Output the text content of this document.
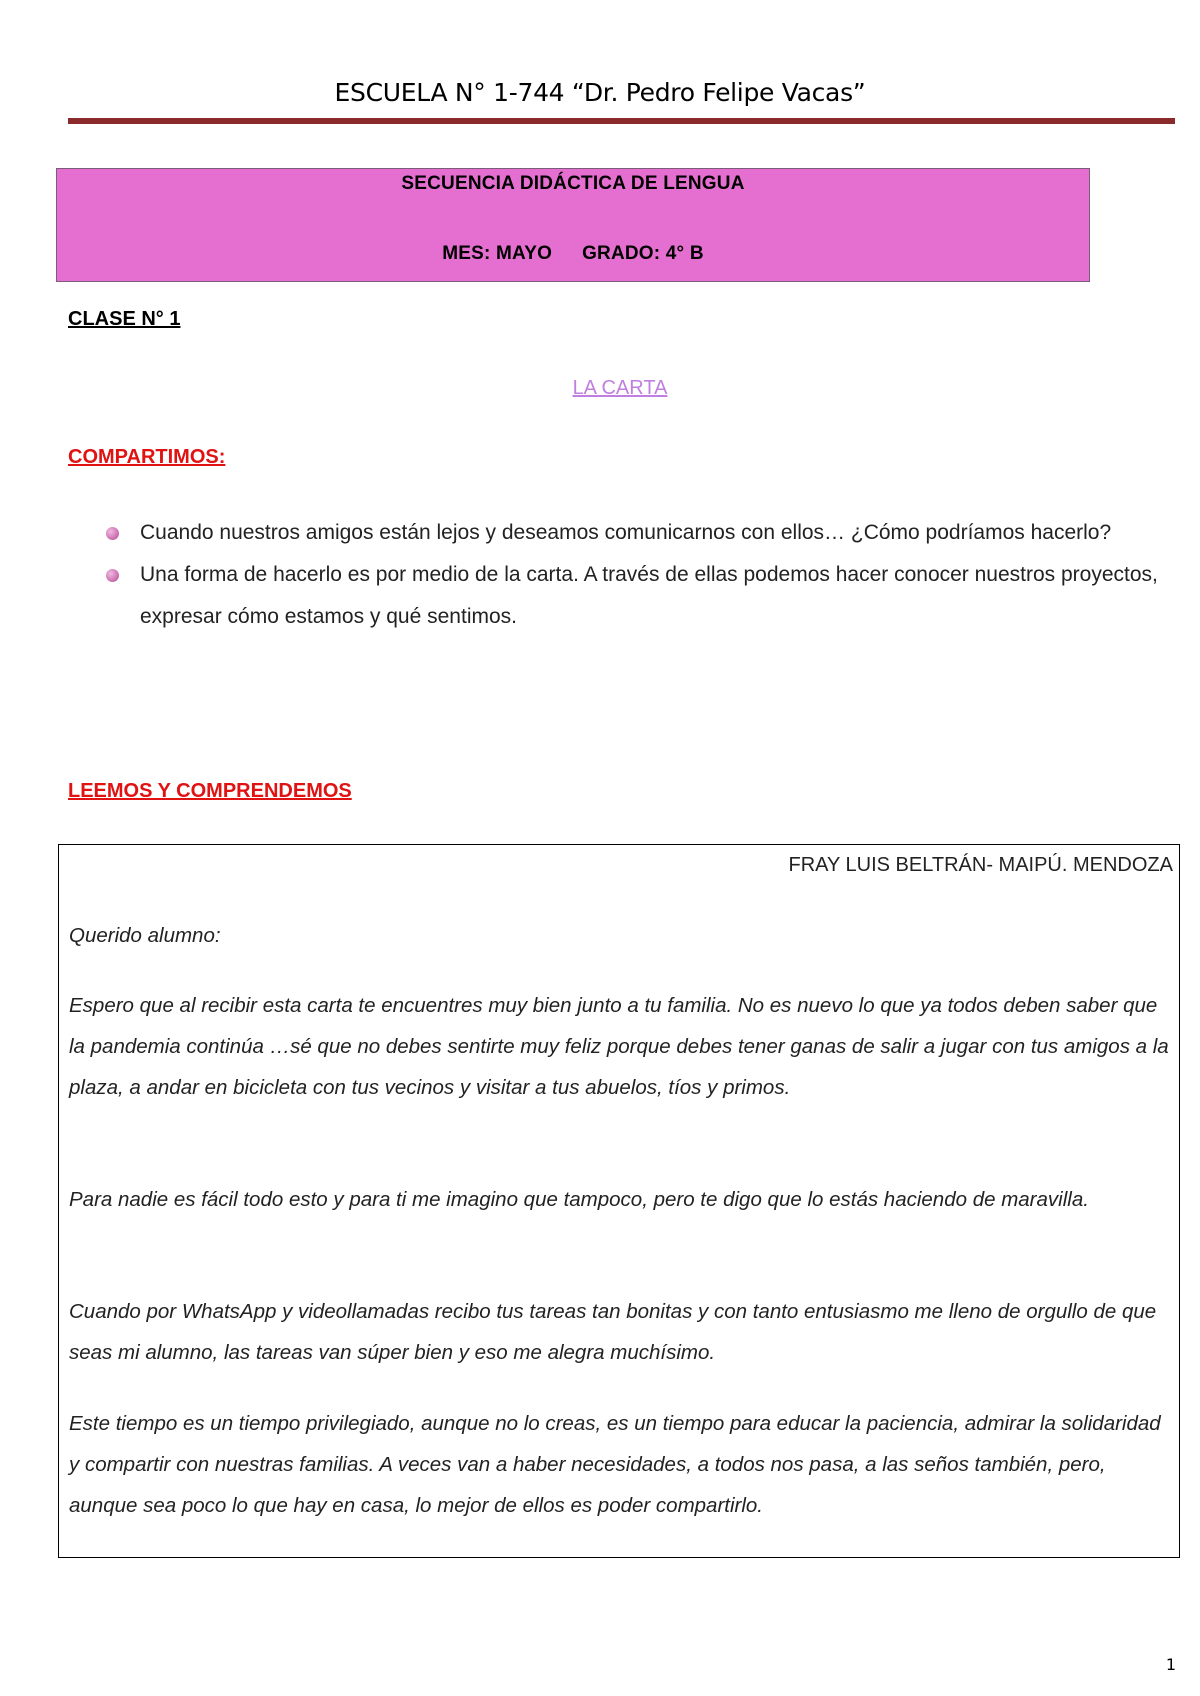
ESCUELA N° 1-744 “Dr. Pedro Felipe Vacas”
SECUENCIA DIDÁCTICA DE LENGUA
MES: MAYO GRADO: 4° B
CLASE N° 1
LA CARTA
COMPARTIMOS:
Cuando nuestros amigos están lejos y deseamos comunicarnos con ellos… ¿Cómo podríamos hacerlo?
Una forma de hacerlo es por medio de la carta. A través de ellas podemos hacer conocer nuestros proyectos, expresar cómo estamos y qué sentimos.
LEEMOS Y COMPRENDEMOS
FRAY LUIS BELTRÁN- MAIPÚ. MENDOZA

Querido alumno:

Espero que al recibir esta carta te encuentres muy bien junto a tu familia. No es nuevo lo que ya todos deben saber que la pandemia continúa …sé que no debes sentirte muy feliz porque debes tener ganas de salir a jugar con tus amigos a la plaza, a andar en bicicleta con tus vecinos y visitar a tus abuelos, tíos y primos.

Para nadie es fácil todo esto y para ti me imagino que tampoco, pero te digo que lo estás haciendo de maravilla.

Cuando por WhatsApp y videollamadas recibo tus tareas tan bonitas y con tanto entusiasmo me lleno de orgullo de que seas mi alumno, las tareas van súper bien y eso me alegra muchísimo.

Este tiempo es un tiempo privilegiado, aunque no lo creas, es un tiempo para educar la paciencia, admirar la solidaridad y compartir con nuestras familias. A veces van a haber necesidades, a todos nos pasa, a las seños también, pero, aunque sea poco lo que hay en casa, lo mejor de ellos es poder compartirlo.

1
